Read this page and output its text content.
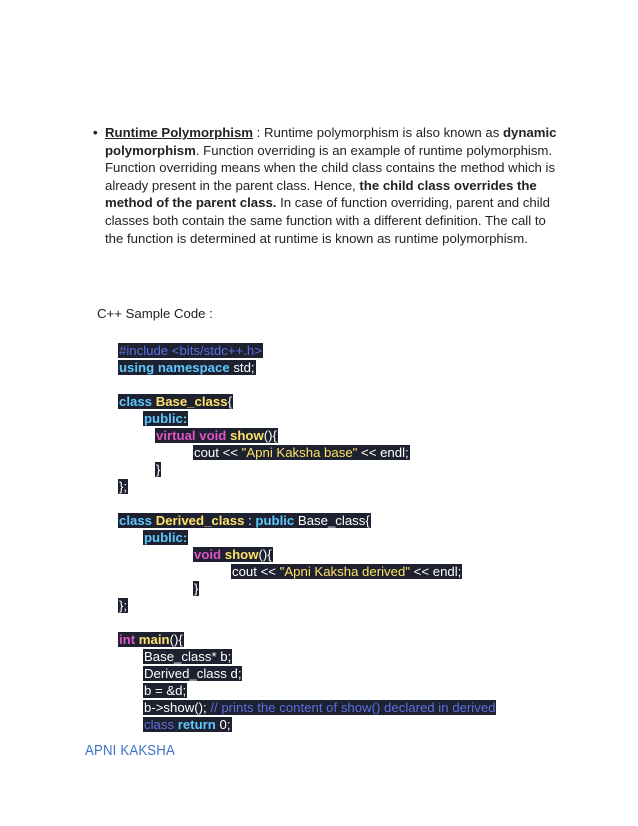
• Runtime Polymorphism : Runtime polymorphism is also known as dynamic polymorphism. Function overriding is an example of runtime polymorphism. Function overriding means when the child class contains the method which is already present in the parent class. Hence, the child class overrides the method of the parent class. In case of function overriding, parent and child classes both contain the same function with a different definition. The call to the function is determined at runtime is known as runtime polymorphism.
C++ Sample Code :
#include <bits/stdc++.h>
using namespace std;
class Base_class{
public:
virtual void show(){
cout << "Apni Kaksha base" << endl;
}
};
class Derived_class : public Base_class{
public:
void show(){
cout << "Apni Kaksha derived" << endl;
}
};
int main(){
Base_class* b;
Derived_class d;
b = &d;
b->show(); // prints the content of show() declared in derived
class return 0;
APNI KAKSHA
